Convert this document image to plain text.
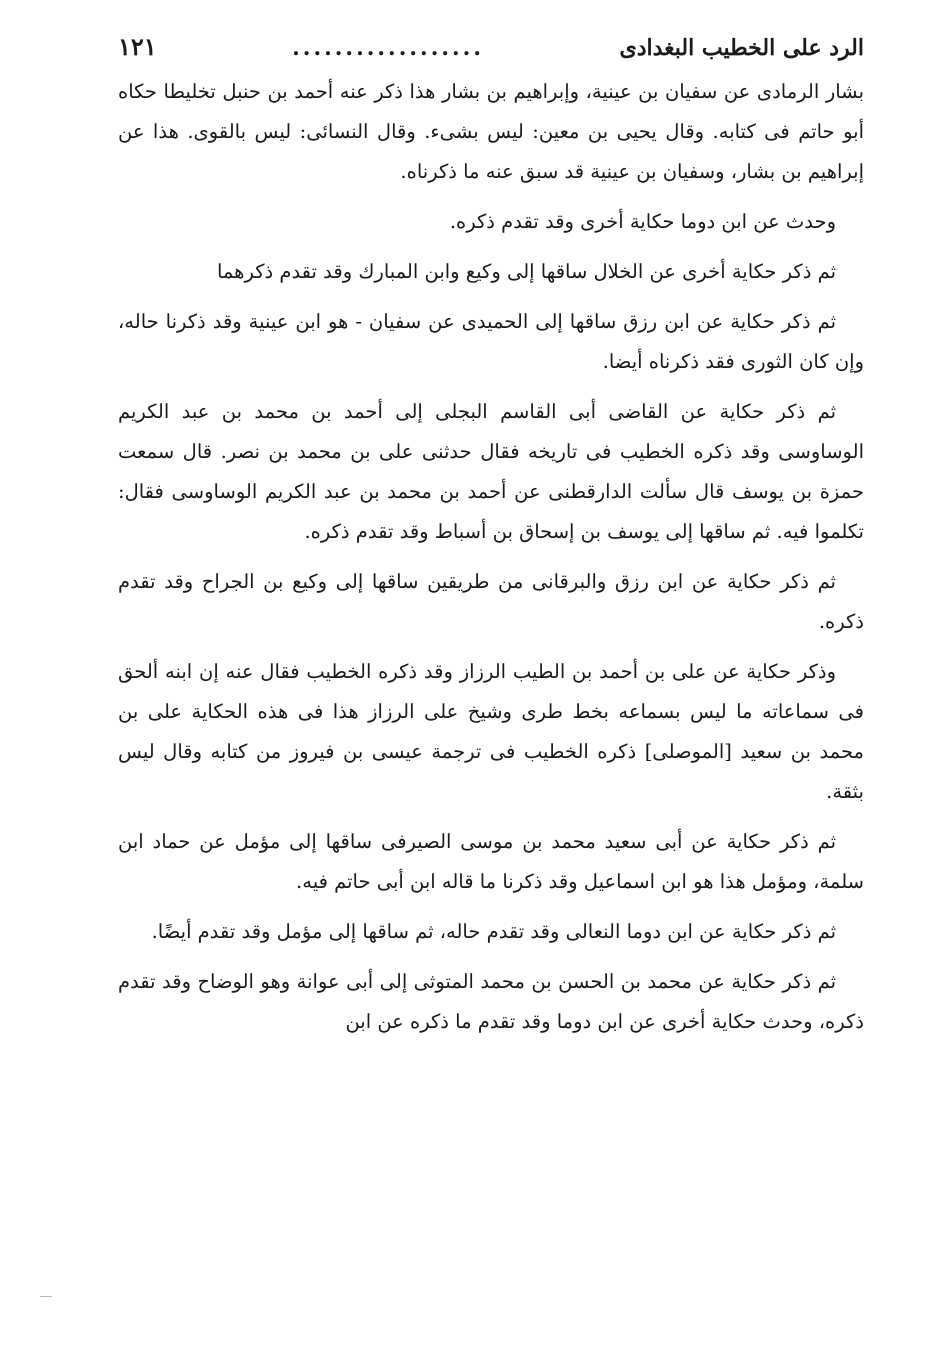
الرد على الخطيب البغدادى
..................
١٢١

بشار الرمادى عن سفيان بن عينية، وإبراهيم بن بشار هذا ذكر عنه أحمد بن حنبل تخليطا حكاه أبو حاتم فى كتابه. وقال يحيى بن معين: ليس بشىء. وقال النسائى: ليس بالقوى. هذا عن إبراهيم بن بشار، وسفيان بن عينية قد سبق عنه ما ذكرناه.

وحدث عن ابن دوما حكاية أخرى وقد تقدم ذكره.

ثم ذكر حكاية أخرى عن الخلال ساقها إلى وكيع وابن المبارك وقد تقدم ذكرهما

ثم ذكر حكاية عن ابن رزق ساقها إلى الحميدى عن سفيان - هو ابن عينية وقد ذكرنا حاله، وإن كان الثورى فقد ذكرناه أيضا.

ثم ذكر حكاية عن القاضى أبى القاسم البجلى إلى أحمد بن محمد بن عبد الكريم الوساوسى وقد ذكره الخطيب فى تاريخه فقال حدثنى على بن محمد بن نصر. قال سمعت حمزة بن يوسف قال سألت الدارقطنى عن أحمد بن محمد بن عبد الكريم الوساوسى فقال: تكلموا فيه. ثم ساقها إلى يوسف بن إسحاق بن أسباط وقد تقدم ذكره.

ثم ذكر حكاية عن ابن رزق والبرقانى من طريقين ساقها إلى وكيع بن الجراح وقد تقدم ذكره.

وذكر حكاية عن على بن أحمد بن الطيب الرزاز وقد ذكره الخطيب فقال عنه إن ابنه ألحق فى سماعاته ما ليس بسماعه بخط طرى وشيخ على الرزاز هذا فى هذه الحكاية على بن محمد بن سعيد [الموصلى] ذكره الخطيب فى ترجمة عيسى بن فيروز من كتابه وقال ليس بثقة.

ثم ذكر حكاية عن أبى سعيد محمد بن موسى الصيرفى ساقها إلى مؤمل عن حماد ابن سلمة، ومؤمل هذا هو ابن اسماعيل وقد ذكرنا ما قاله ابن أبى حاتم فيه.

ثم ذكر حكاية عن ابن دوما النعالى وقد تقدم حاله، ثم ساقها إلى مؤمل وقد تقدم أيضًا.

ثم ذكر حكاية عن محمد بن الحسن بن محمد المتوثى إلى أبى عوانة وهو الوضاح وقد تقدم ذكره، وحدث حكاية أخرى عن ابن دوما وقد تقدم ما ذكره عن ابن
